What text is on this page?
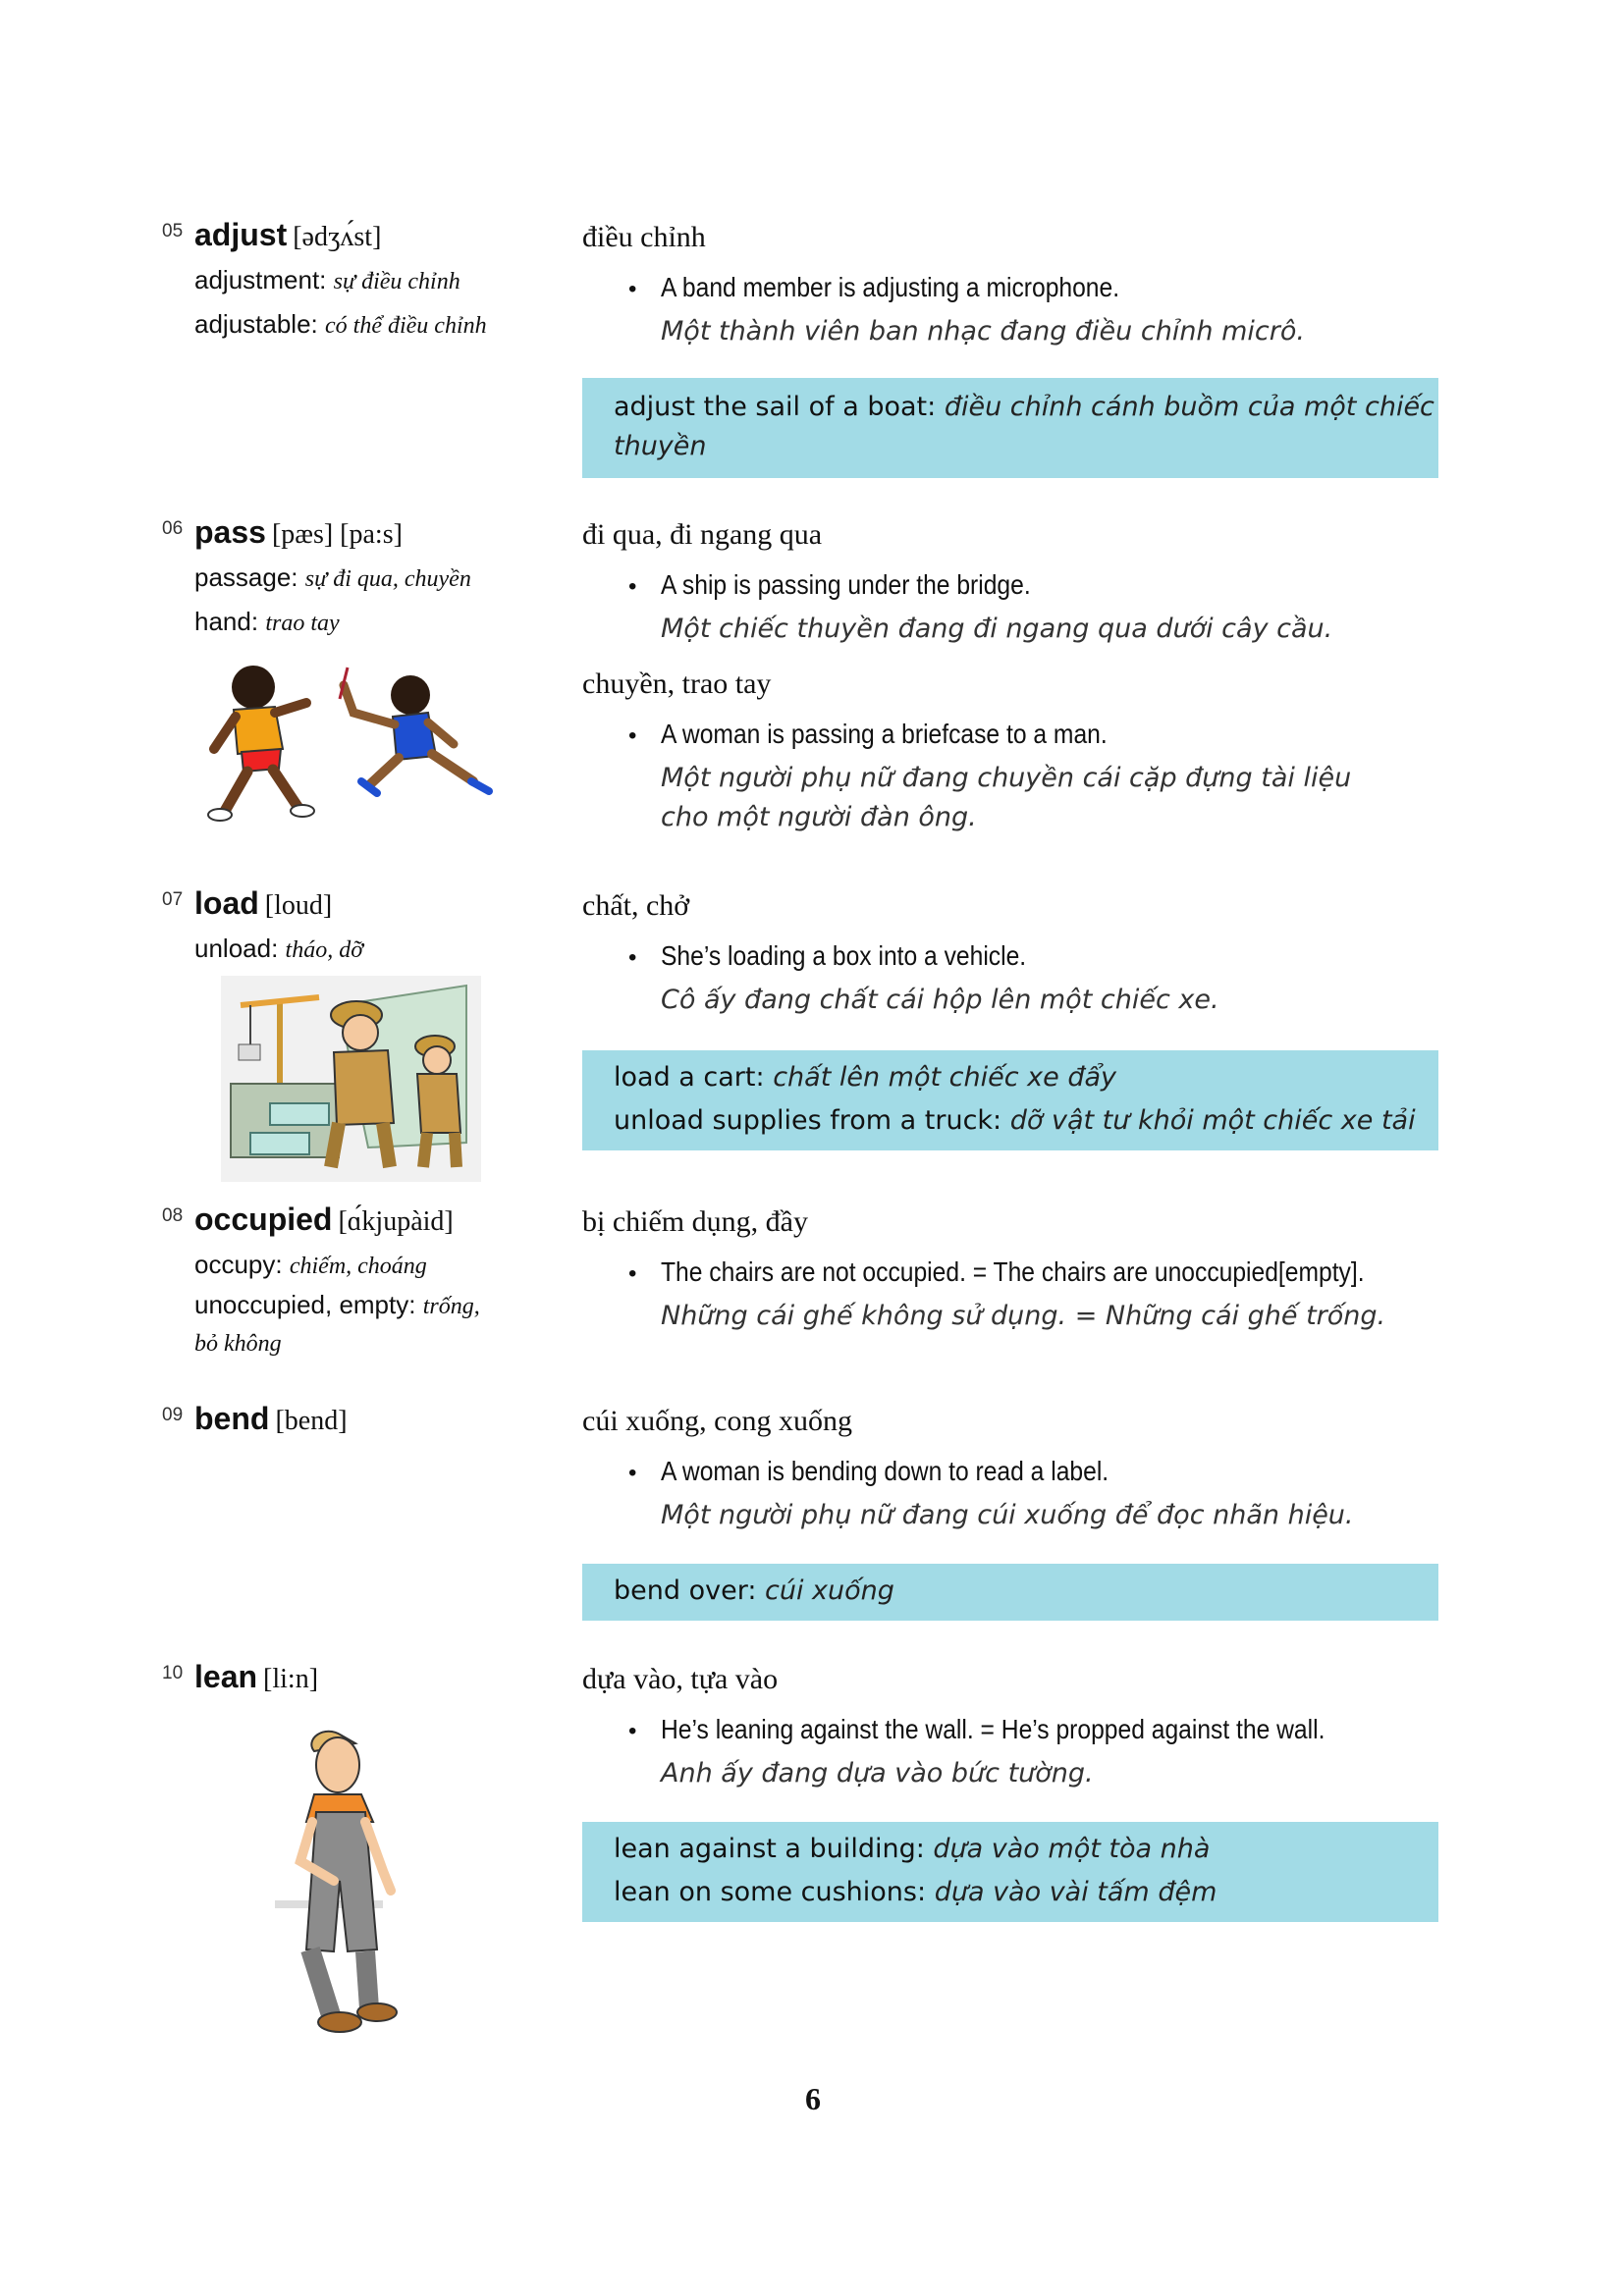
05 adjust [ədʒʌ́st]
adjustment: sự điều chỉnh
adjustable: có thể điều chỉnh
điều chỉnh
• A band member is adjusting a microphone.
Một thành viên ban nhạc đang điều chỉnh micrô.
adjust the sail of a boat: điều chỉnh cánh buồm của một chiếc
thuyền
06 pass [pæs] [pa:s]
passage: sự đi qua, chuyền
hand: trao tay
đi qua, đi ngang qua
• A ship is passing under the bridge.
Một chiếc thuyền đang đi ngang qua dưới cây cầu.
chuyền, trao tay
• A woman is passing a briefcase to a man.
Một người phụ nữ đang chuyền cái cặp đựng tài liệu
cho một người đàn ông.
07 load [loud]
unload: tháo, dỡ
chất, chở
• She’s loading a box into a vehicle.
Cô ấy đang chất cái hộp lên một chiếc xe.
load a cart: chất lên một chiếc xe đẩy
unload supplies from a truck: dỡ vật tư khỏi một chiếc xe tải
08 occupied [ɑ́kjupàid]
occupy: chiếm, choáng
unoccupied, empty: trống,
bỏ không
bị chiếm dụng, đầy
• The chairs are not occupied. = The chairs are unoccupied[empty].
Những cái ghế không sử dụng. = Những cái ghế trống.
09 bend [bend]	cúi xuống, cong xuống
• A woman is bending down to read a label.
Một người phụ nữ đang cúi xuống để đọc nhãn hiệu.
bend over: cúi xuống
10 lean [li:n]	dựa vào, tựa vào
• He’s leaning against the wall. = He’s propped against the wall.
Anh ấy đang dựa vào bức tường.
lean against a building: dựa vào một tòa nhà
lean on some cushions: dựa vào vài tấm đệm
6
